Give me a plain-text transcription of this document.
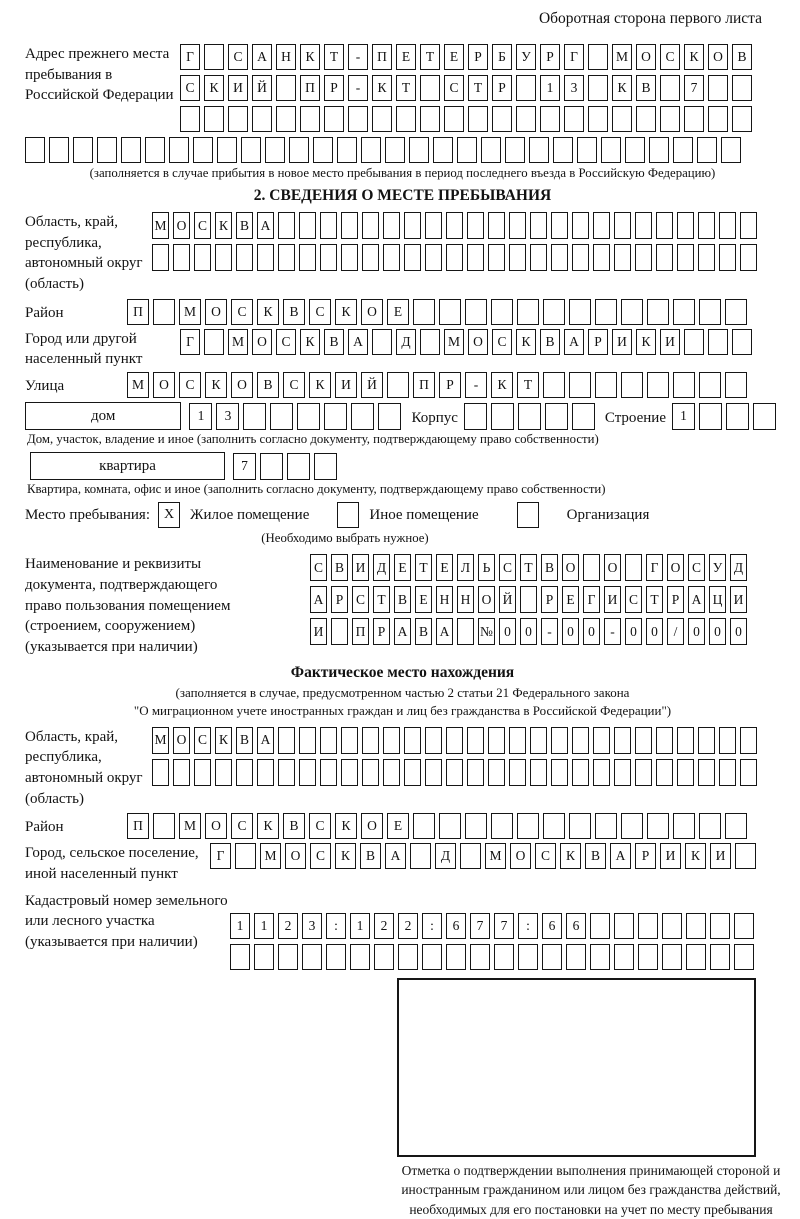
Оборотная сторона первого листа
Адрес прежнего места пребывания в Российской Федерации
Г	С	А	Н	К	Т	-	П	Е	Т	Е	Р	Б	У	Р	Г	М О	С	К	О	В
С	К	И	Й	П	Р	-	К	Т	С	Т	Р	1	3	К	В	7
(заполняется в случае прибытия в новое место пребывания в период последнего въезда в Российскую Федерацию)
2. СВЕДЕНИЯ О МЕСТЕ ПРЕБЫВАНИЯ
Область, край, республика, автономный округ (область)
М О С К В А
Район	П	М	О	С	К	В	С	К	О	Е
Город или другой населенный пункт
Г	М О	С	К	В	А	Д	М О	С	К	В	А	Р	И	К	И
Улица	М	О	С	К	О	В	С	К	И	Й	П	Р	-	К	Т
дом	1	3	Корпус	Строение	1
Дом, участок, владение и иное (заполнить согласно документу, подтверждающему право собственности)
квартира	7
Квартира, комната, офис и иное (заполнить согласно документу, подтверждающему право собственности)
Место пребывания: X	Жилое помещение	Иное помещение	Организация
(Необходимо выбрать нужное)
Наименование и реквизиты документа, подтверждающего право пользования помещением (строением, сооружением) (указывается при наличии)
С В И Д Е Т Е Л Ь С Т В О О	Г О С У Д
А Р С Т В Е Н Н О Й	Р Е Г И С Т Р А Ц И
И П Р А В А № 0	0	-	0	0	-	0	0	/	0	0	0
Фактическое место нахождения
(заполняется в случае, предусмотренном частью 2 статьи 21 Федерального закона
"О миграционном учете иностранных граждан и лиц без гражданства в Российской Федерации")
Область, край, республика, автономный округ (область)
М О С К В А
Район	П	М	О	С	К	В	С	К	О	Е
Город, сельское поселение, иной населенный пункт
Г	М	О	С	К	В	А	Д	М	О	С	К	В	А	Р	И	К	И
Кадастровый номер земельного или лесного участка (указывается при наличии)
1	1	2	3	:	1	2	2	:	6	7	7	:	6	6
Отметка о подтверждении выполнения принимающей стороной и иностранным гражданином или лицом без гражданства действий, необходимых для его постановки на учет по месту пребывания
